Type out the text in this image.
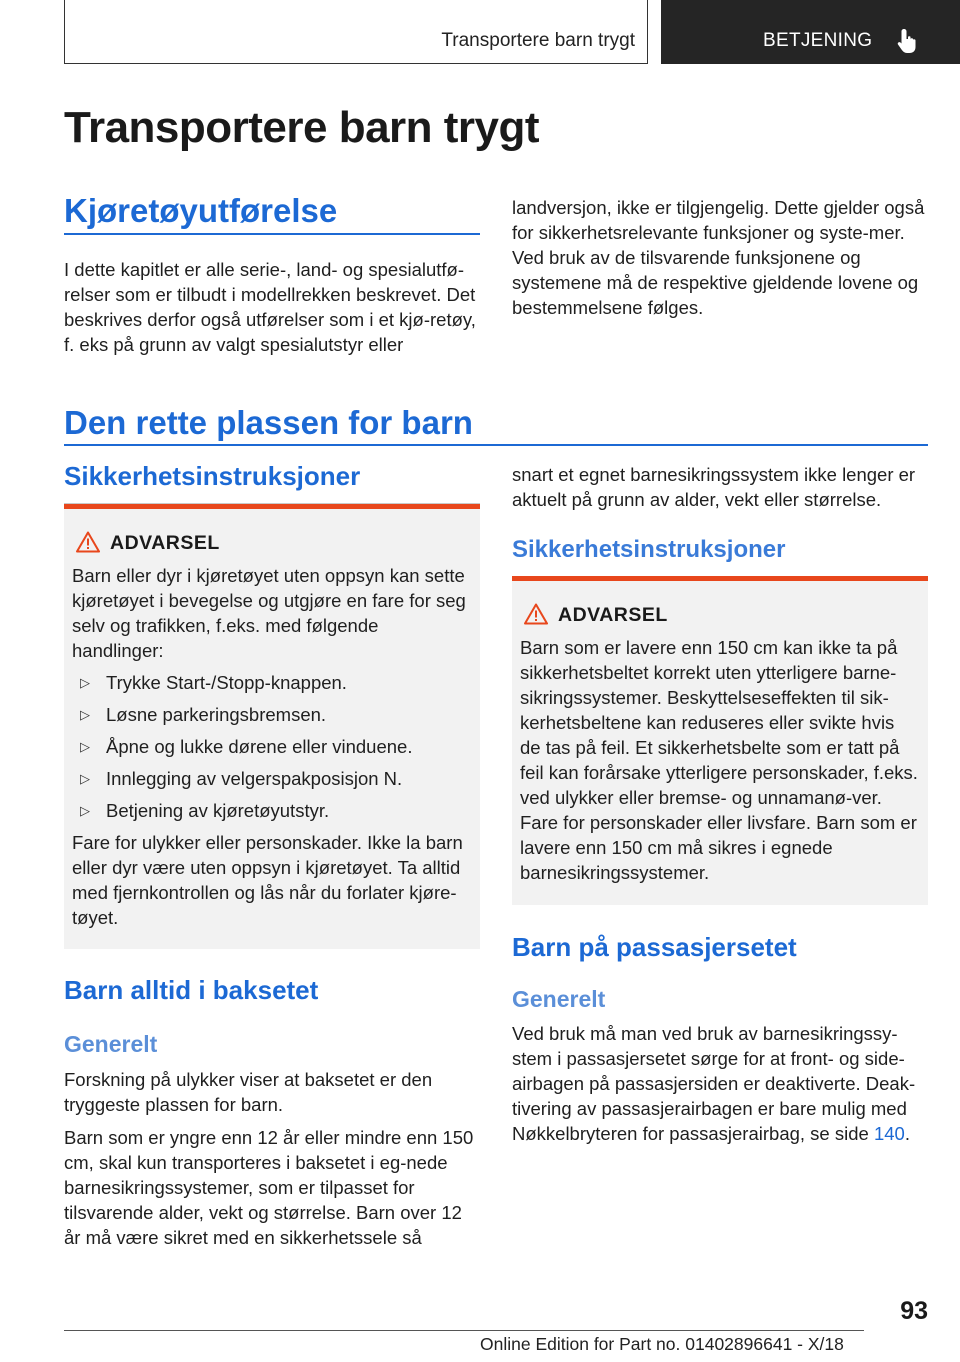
Transportere barn trygt	BETJENING
Transportere barn trygt
Kjøretøyutførelse
I dette kapitlet er alle serie-, land- og spesialutfø-relser som er tilbudt i modellrekken beskrevet. Det beskrives derfor også utførelser som i et kjø-retøy, f. eks på grunn av valgt spesialutstyr eller
landversjon, ikke er tilgjengelig. Dette gjelder også for sikkerhetsrelevante funksjoner og syste-mer. Ved bruk av de tilsvarende funksjonene og systemene må de respektive gjeldende lovene og bestemmelsene følges.
Den rette plassen for barn
Sikkerhetsinstruksjoner
ADVARSEL
Barn eller dyr i kjøretøyet uten oppsyn kan sette kjøretøyet i bevegelse og utgjøre en fare for seg selv og trafikken, f.eks. med følgende handlinger:
▷ Trykke Start-/Stopp-knappen.
▷ Løsne parkeringsbremsen.
▷ Åpne og lukke dørene eller vinduene.
▷ Innlegging av velgerspakposisjon N.
▷ Betjening av kjøretøyutstyr.
Fare for ulykker eller personskader. Ikke la barn eller dyr være uten oppsyn i kjøretøyet. Ta alltid med fjernkontrollen og lås når du forlater kjøre-tøyet.
Barn alltid i baksetet
Generelt

Forskning på ulykker viser at baksetet er den tryggeste plassen for barn.

Barn som er yngre enn 12 år eller mindre enn 150 cm, skal kun transporteres i baksetet i eg-nede barnesikringssystemer, som er tilpasset for tilsvarende alder, vekt og størrelse. Barn over 12 år må være sikret med en sikkerhetssele så

snart et egnet barnesikringssystem ikke lenger er aktuelt på grunn av alder, vekt eller størrelse.
Sikkerhetsinstruksjoner
ADVARSEL
Barn som er lavere enn 150 cm kan ikke ta på sikkerhetsbeltet korrekt uten ytterligere barne-sikringssystemer. Beskyttelseseffekten til sik-kerhetsbeltene kan reduseres eller svikte hvis de tas på feil. Et sikkerhetsbelte som er tatt på feil kan forårsake ytterligere personskader, f.eks. ved ulykker eller bremse- og unnamanø-ver. Fare for personskader eller livsfare. Barn som er lavere enn 150 cm må sikres i egnede barnesikringssystemer.
Barn på passasjersetet
Generelt
Ved bruk må man ved bruk av barnesikringssy-stem i passasjersetet sørge for at front- og side-airbagen på passasjersiden er deaktiverte. Deak-tivering av passasjerairbagen er bare mulig med Nøkkelbryteren for passasjerairbag, se side 140.
93
Online Edition for Part no. 01402896641 - X/18
